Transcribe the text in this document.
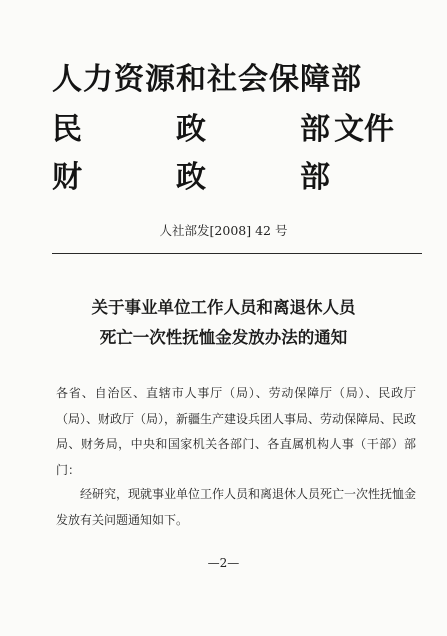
人力资源和社会保障部
民	政	部 文件
财	政	部
人社部发[2008] 42 号
关于事业单位工作人员和离退休人员
死亡一次性抚恤金发放办法的通知
各省、自治区、直辖市人事厅（局）、劳动保障厅（局）、民政厅（局）、财政厅（局），新疆生产建设兵团人事局、劳动保障局、民政局、财务局，中央和国家机关各部门、各直属机构人事（干部）部门：
经研究，现就事业单位工作人员和离退休人员死亡一次性抚恤金发放有关问题通知如下。
—2—
